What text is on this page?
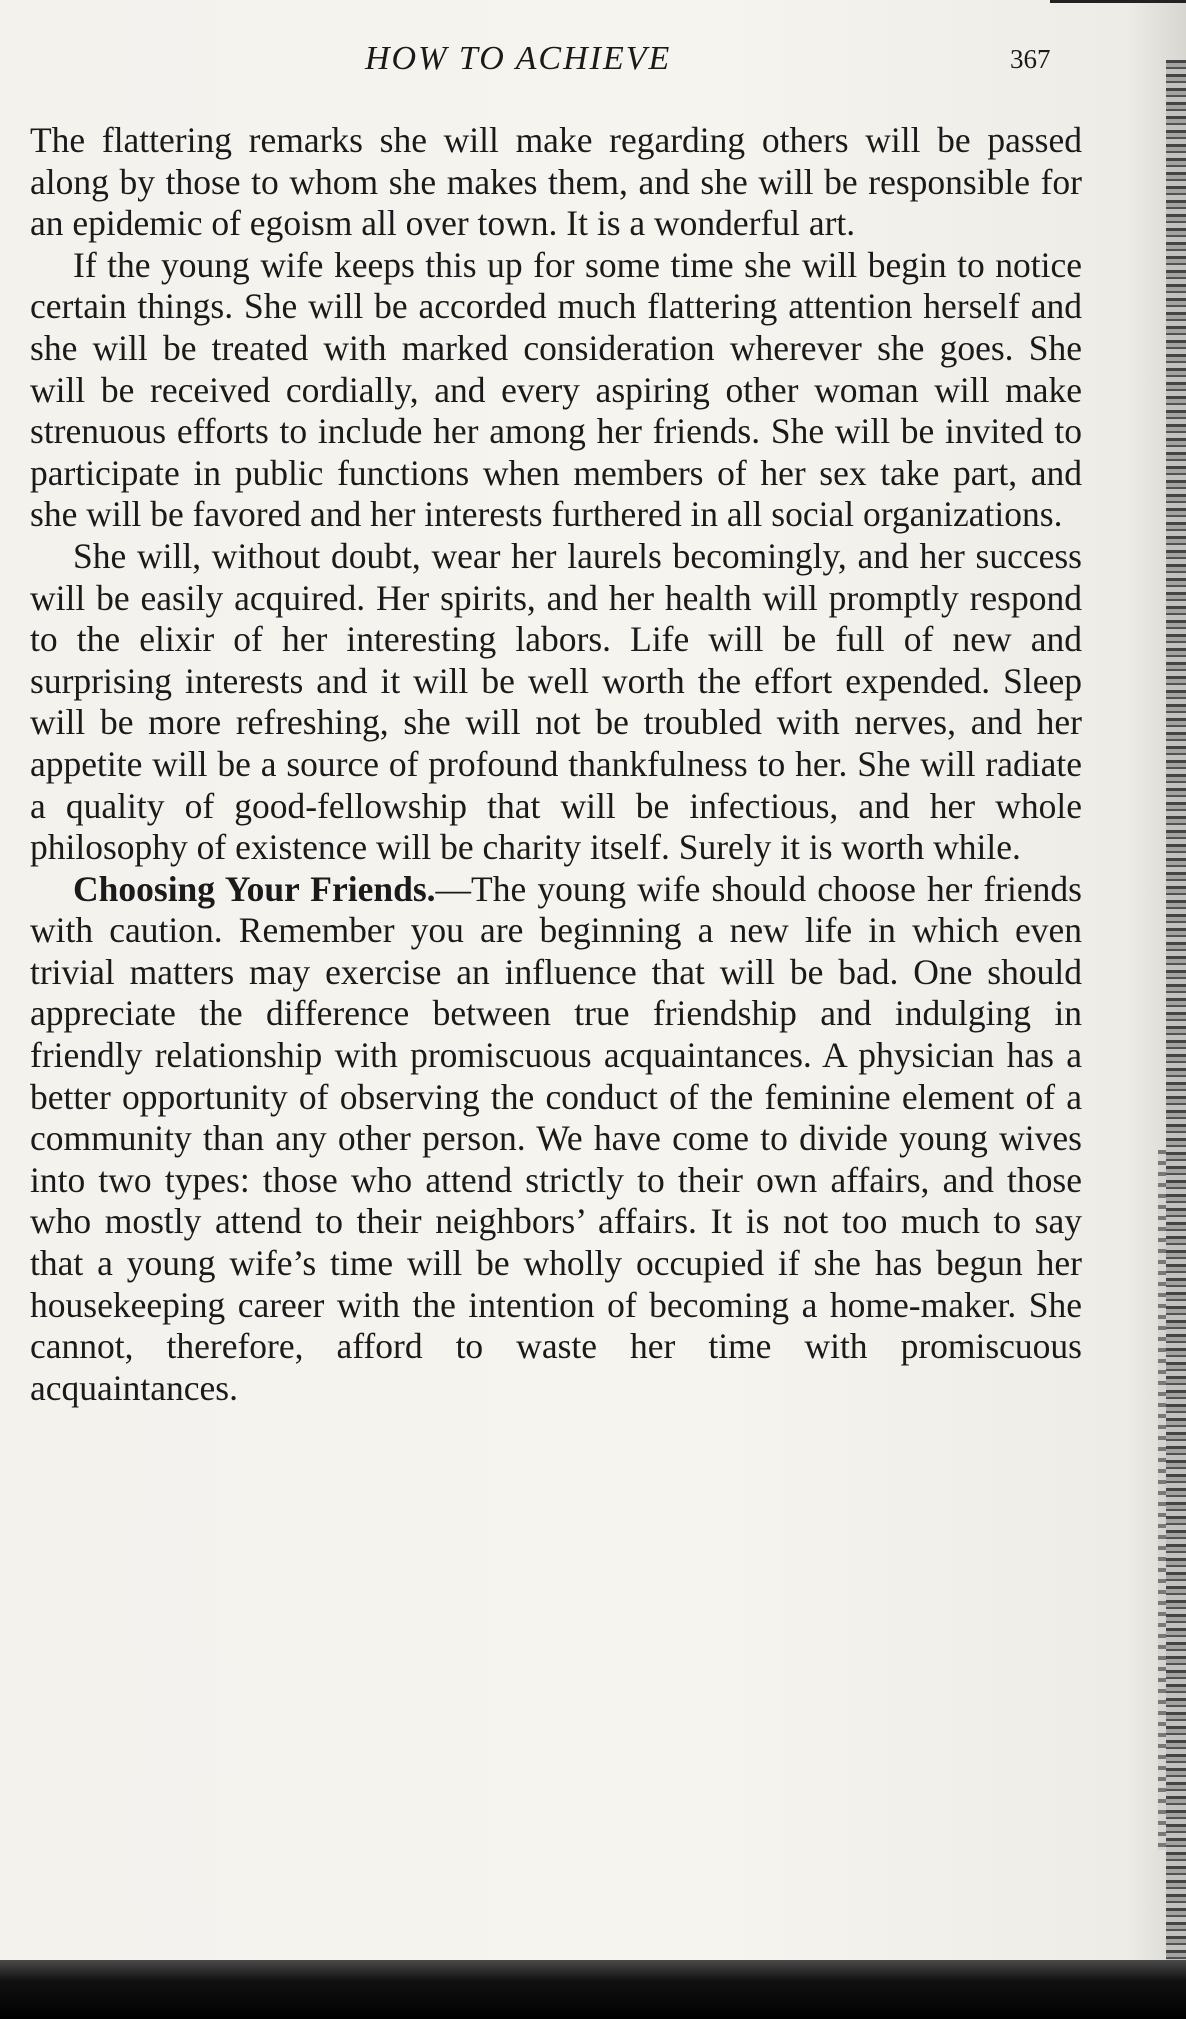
HOW TO ACHIEVE	367

The flattering remarks she will make regarding others will be passed along by those to whom she makes them, and she will be responsible for an epidemic of egoism all over town. It is a wonderful art.

If the young wife keeps this up for some time she will begin to notice certain things. She will be accorded much flattering attention herself and she will be treated with marked consideration wherever she goes. She will be received cordially, and every aspiring other woman will make strenuous efforts to include her among her friends. She will be invited to participate in public functions when members of her sex take part, and she will be favored and her interests furthered in all social organizations.

She will, without doubt, wear her laurels becomingly, and her success will be easily acquired. Her spirits, and her health will promptly respond to the elixir of her interesting labors. Life will be full of new and surprising interests and it will be well worth the effort expended. Sleep will be more refreshing, she will not be troubled with nerves, and her appetite will be a source of profound thankfulness to her. She will radiate a quality of good-fellowship that will be infectious, and her whole philosophy of existence will be charity itself. Surely it is worth while.

Choosing Your Friends.—The young wife should choose her friends with caution. Remember you are beginning a new life in which even trivial matters may exercise an influence that will be bad. One should appreciate the difference between true friendship and indulging in friendly relationship with promiscuous acquaintances. A physician has a better opportunity of observing the conduct of the feminine element of a community than any other person. We have come to divide young wives into two types: those who attend strictly to their own affairs, and those who mostly attend to their neighbors’ affairs. It is not too much to say that a young wife’s time will be wholly occupied if she has begun her housekeeping career with the intention of becoming a home-maker. She cannot, therefore, afford to waste her time with promiscuous acquaintances.
